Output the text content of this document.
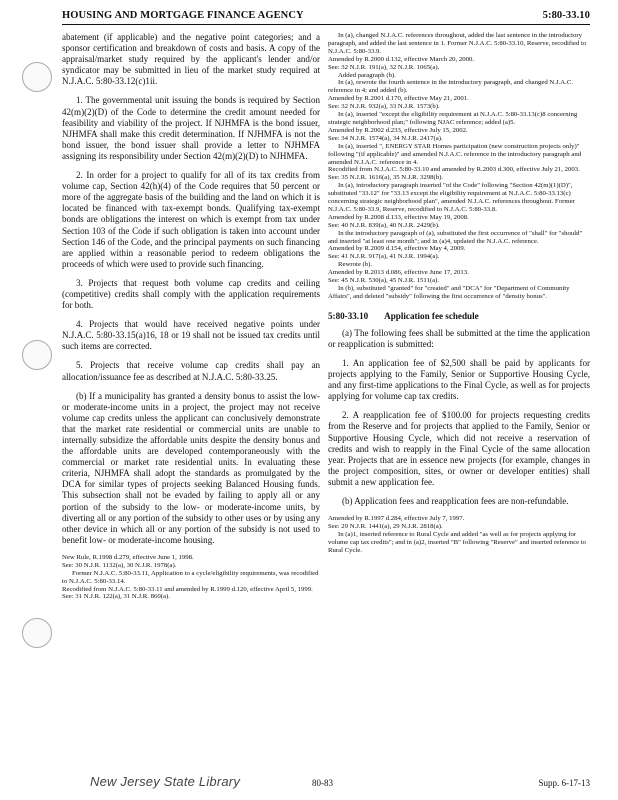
HOUSING AND MORTGAGE FINANCE AGENCY	5:80-33.10

abatement (if applicable) and the negative point categories; and a sponsor certification and breakdown of costs and basis. A copy of the appraisal/market study required by the applicant's lender and/or syndicator may be submitted in lieu of the market study required at N.J.A.C. 5:80-33.12(c)1ii.

1. The governmental unit issuing the bonds is required by Section 42(m)(2)(D) of the Code to determine the credit amount needed for feasibility and viability of the project. If NJHMFA is the bond issuer, NJHMFA shall make this credit determination. If NJHMFA is not the bond issuer, the bond issuer shall provide a letter to NJHMFA assigning its responsibility under Section 42(m)(2)(D) to NJHMFA.

2. In order for a project to qualify for all of its tax credits from volume cap, Section 42(h)(4) of the Code requires that 50 percent or more of the aggregate basis of the building and the land on which it is located be financed with tax-exempt bonds. Qualifying tax-exempt bonds are obligations the interest on which is exempt from tax under Section 103 of the Code if such obligation is taken into account under Section 146 of the Code, and the principal payments on such financing are applied within a reasonable period to redeem obligations the proceeds of which were used to provide such financing.

3. Projects that request both volume cap credits and ceiling (competitive) credits shall comply with the application requirements for both.

4. Projects that would have received negative points under N.J.A.C. 5:80-33.15(a)16, 18 or 19 shall not be issued tax credits until such items are corrected.

5. Projects that receive volume cap credits shall pay an allocation/issuance fee as described at N.J.A.C. 5:80-33.25.

(b) If a municipality has granted a density bonus to assist the low- or moderate-income units in a project, the project may not receive volume cap credits unless the applicant can conclusively demonstrate that the market rate residential or commercial units are unable to internally subsidize the affordable units despite the density bonus and the affordable units are developed contemporaneously with the commercial or market rate residential units. In evaluating these criteria, NJHMFA shall adopt the standards as promulgated by the DCA for similar types of projects seeking Balanced Housing funds. This subsection shall not be evaded by failing to apply all or any portion of the subsidy to the low- or moderate-income units, by diverting all or any portion of the subsidy to other uses or by using any other device in which all or any portion of the subsidy is not used to benefit low- or moderate-income housing.

New Rule, R.1998 d.279, effective June 1, 1998.

See: 30 N.J.R. 1132(a), 30 N.J.R. 1978(a).

Former N.J.A.C. 5:80-33.11, Application to a cycle/eligibility requirements, was recodified to N.J.A.C. 5:80-33.14.

Recodified from N.J.A.C. 5:80-33.11 and amended by R.1999 d.120, effective April 5, 1999.

See: 31 N.J.R. 122(a), 31 N.J.R. 860(a).

In (a), changed N.J.A.C. references throughout, added the last sentence in the introductory paragraph, and added the last sentence in 1. Former N.J.A.C. 5:80-33.10, Reserve, recodified to N.J.A.C. 5:80-33.9.

Amended by R.2000 d.132, effective March 20, 2000.

See: 32 N.J.R. 191(a), 32 N.J.R. 1065(a).

Added paragraph (b).

In (a), rewrote the fourth sentence in the introductory paragraph, and changed N.J.A.C. reference in 4; and added (b).

Amended by R.2001 d.170, effective May 21, 2001.

See: 32 N.J.R. 932(a), 33 N.J.R. 1573(b).

In (a), inserted "except the eligibility requirement at N.J.A.C. 5:80-33.13(c)8 concerning strategic neighborhood plan;" following NJAC reference; added (a)5.

Amended by R.2002 d.233, effective July 15, 2002.

See: 34 N.J.R. 1574(a), 34 N.J.R. 2417(a).

In (a), inserted ", ENERGY STAR Homes participation (new construction projects only)" following "(if applicable)" and amended N.J.A.C. reference in the introductory paragraph and amended N.J.A.C. reference in 4.

Recodified from N.J.A.C. 5:80-33.10 and amended by R.2003 d.300, effective July 21, 2003.

See: 35 N.J.R. 1616(a), 35 N.J.R. 3298(b).

In (a), introductory paragraph inserted "of the Code" following "Section 42(m)(1)(D)", substituted "33.12" for "33.13 except the eligibility requirement at N.J.A.C. 5:80-33.13(c) concerning strategic neighborhood plan", amended N.J.A.C. references throughout. Former N.J.A.C. 5:80-33.9, Reserve, recodified to N.J.A.C. 5:80-33.8.

Amended by R.2008 d.133, effective May 19, 2008.

See: 40 N.J.R. 839(a), 40 N.J.R. 2429(b).

In the introductory paragraph of (a), substituted the first occurrence of "shall" for "should" and inserted "at least one month"; and in (a)4, updated the N.J.A.C. reference.

Amended by R.2009 d.154, effective May 4, 2009.

See: 41 N.J.R. 917(a), 41 N.J.R. 1994(a).

Rewrote (b).

Amended by R.2013 d.086, effective June 17, 2013.

See: 45 N.J.R. 530(a), 45 N.J.R. 1511(a).

In (b), substituted "granted" for "created" and "DCA" for "Department of Community Affairs", and deleted "subsidy" following the first occurrence of "density bonus".

5:80-33.10 Application fee schedule

(a) The following fees shall be submitted at the time the application or reapplication is submitted:

1. An application fee of $2,500 shall be paid by applicants for projects applying to the Family, Senior or Supportive Housing Cycle, and any first-time applications to the Final Cycle, as well as for projects applying for volume cap tax credits.

2. A reapplication fee of $100.00 for projects requesting credits from the Reserve and for projects that applied to the Family, Senior or Supportive Housing Cycle, which did not receive a reservation of credits and wish to reapply in the Final Cycle of the same allocation year. Projects that are in essence new projects (for example, changes in the project composition, sites, or owner or developer entities) shall submit a new application fee.

(b) Application fees and reapplication fees are non-refundable.

Amended by R.1997 d.284, effective July 7, 1997.

See: 29 N.J.R. 1441(a), 29 N.J.R. 2818(a).

In (a)1, inserted reference to Rural Cycle and added "as well as for projects applying for volume cap tax credits"; and in (a)2, inserted "B" following "Reserve" and inserted reference to Rural Cycle.

New Jersey State Library	80-83	Supp. 6-17-13
